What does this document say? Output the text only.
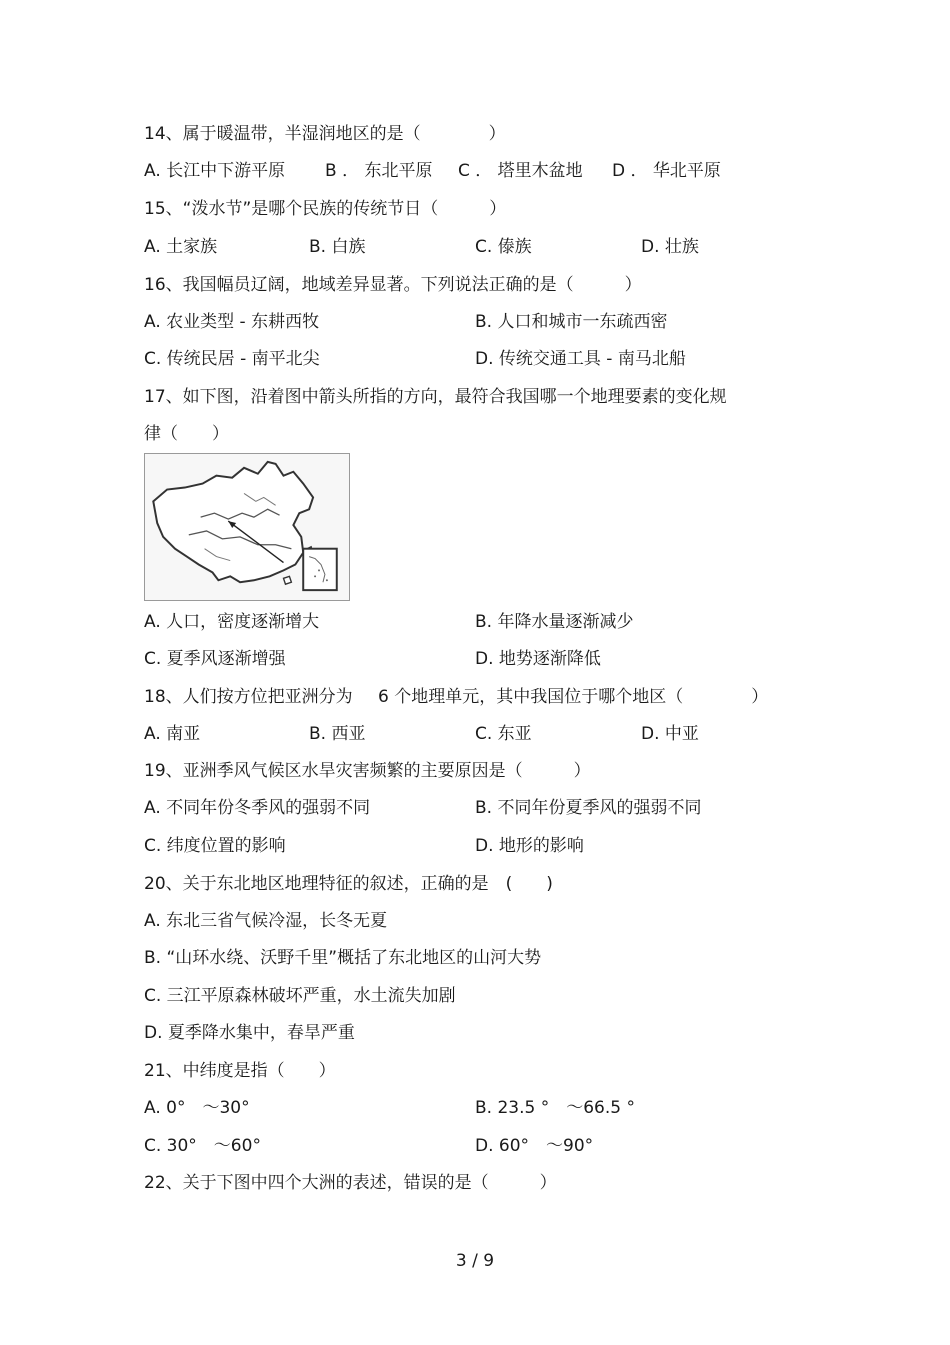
14、属于暖温带，半湿润地区的是（　　　　）
A. 长江中下游平原 B ． 东北平原 C ． 塔里木盆地 D ． 华北平原
15、“泼水节”是哪个民族的传统节日（　　　）
A. 土家族	B. 白族	C. 傣族	D. 壮族
16、我国幅员辽阔，地域差异显著。下列说法正确的是（　　　）
A. 农业类型 - 东耕西牧	B. 人口和城市一东疏西密
C. 传统民居 - 南平北尖	D. 传统交通工具 - 南马北船
17、如下图，沿着图中箭头所指的方向，最符合我国哪一个地理要素的变化规
律（　　）
A. 人口，密度逐渐增大	B. 年降水量逐渐减少
C. 夏季风逐渐增强	D. 地势逐渐降低
18、人们按方位把亚洲分为 6 个地理单元，其中我国位于哪个地区（　　　　）
A. 南亚	B. 西亚	C. 东亚	D. 中亚
19、亚洲季风气候区水旱灾害频繁的主要原因是（　　　）
A. 不同年份冬季风的强弱不同	B. 不同年份夏季风的强弱不同
C. 纬度位置的影响	D. 地形的影响
20、关于东北地区地理特征的叙述，正确的是　(　　)
A. 东北三省气候冷湿，长冬无夏
B. “山环水绕、沃野千里”概括了东北地区的山河大势
C. 三江平原森林破坏严重，水土流失加剧
D. 夏季降水集中，春旱严重
21、中纬度是指（　　）
A. 0°　～30°	B. 23.5 °　～66.5 °
C. 30°　～60°	D. 60°　～90°
22、关于下图中四个大洲的表述，错误的是（　　　）
3 / 9
